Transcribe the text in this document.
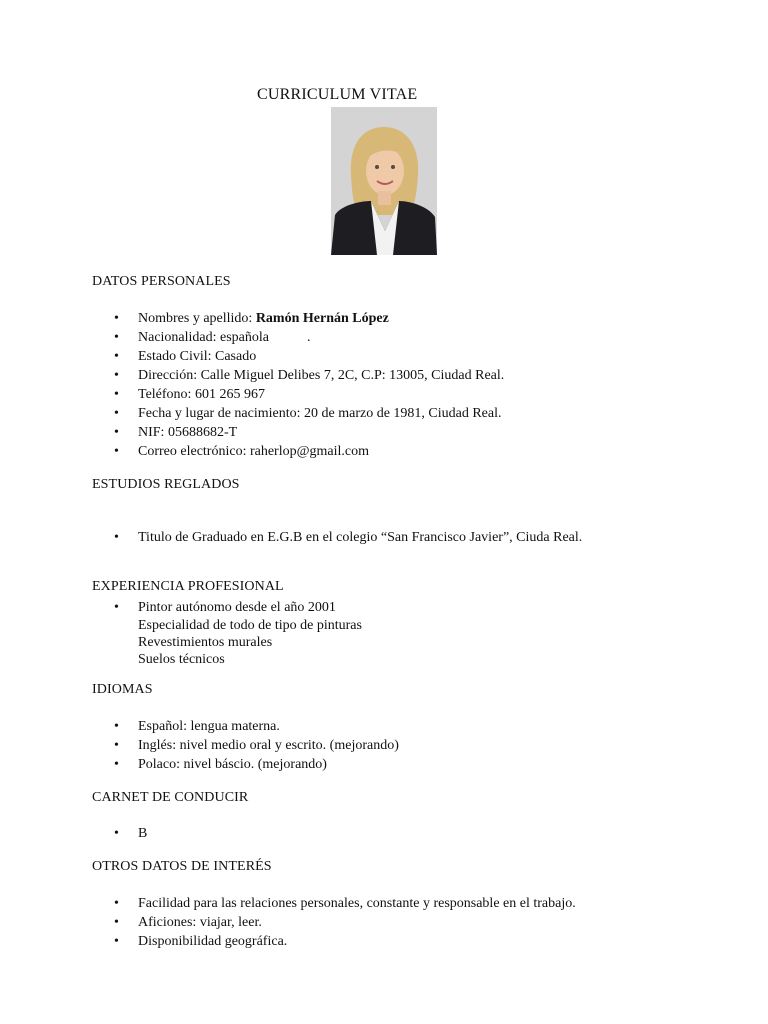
CURRICULUM VITAE
DATOS PERSONALES
• Nombres y apellido: Ramón Hernán López
• Nacionalidad: española	.
• Estado Civil: Casado
• Dirección: Calle Miguel Delibes 7, 2C, C.P: 13005, Ciudad Real.
• Teléfono: 601 265 967
• Fecha y lugar de nacimiento: 20 de marzo de 1981, Ciudad Real.
• NIF: 05688682-T
• Correo electrónico: raherlop@gmail.com
ESTUDIOS REGLADOS
• Titulo de Graduado en E.G.B en el colegio “San Francisco Javier”, Ciuda Real.
EXPERIENCIA PROFESIONAL
• Pintor autónomo desde el año 2001
Especialidad de todo de tipo de pinturas
Revestimientos murales
Suelos técnicos
IDIOMAS
• Español: lengua materna.
• Inglés: nivel medio oral y escrito. (mejorando)
• Polaco: nivel báscio. (mejorando)
CARNET DE CONDUCIR
• B
OTROS DATOS DE INTERÉS
• Facilidad para las relaciones personales, constante y responsable en el trabajo.
• Aficiones: viajar, leer.
• Disponibilidad geográfica.
